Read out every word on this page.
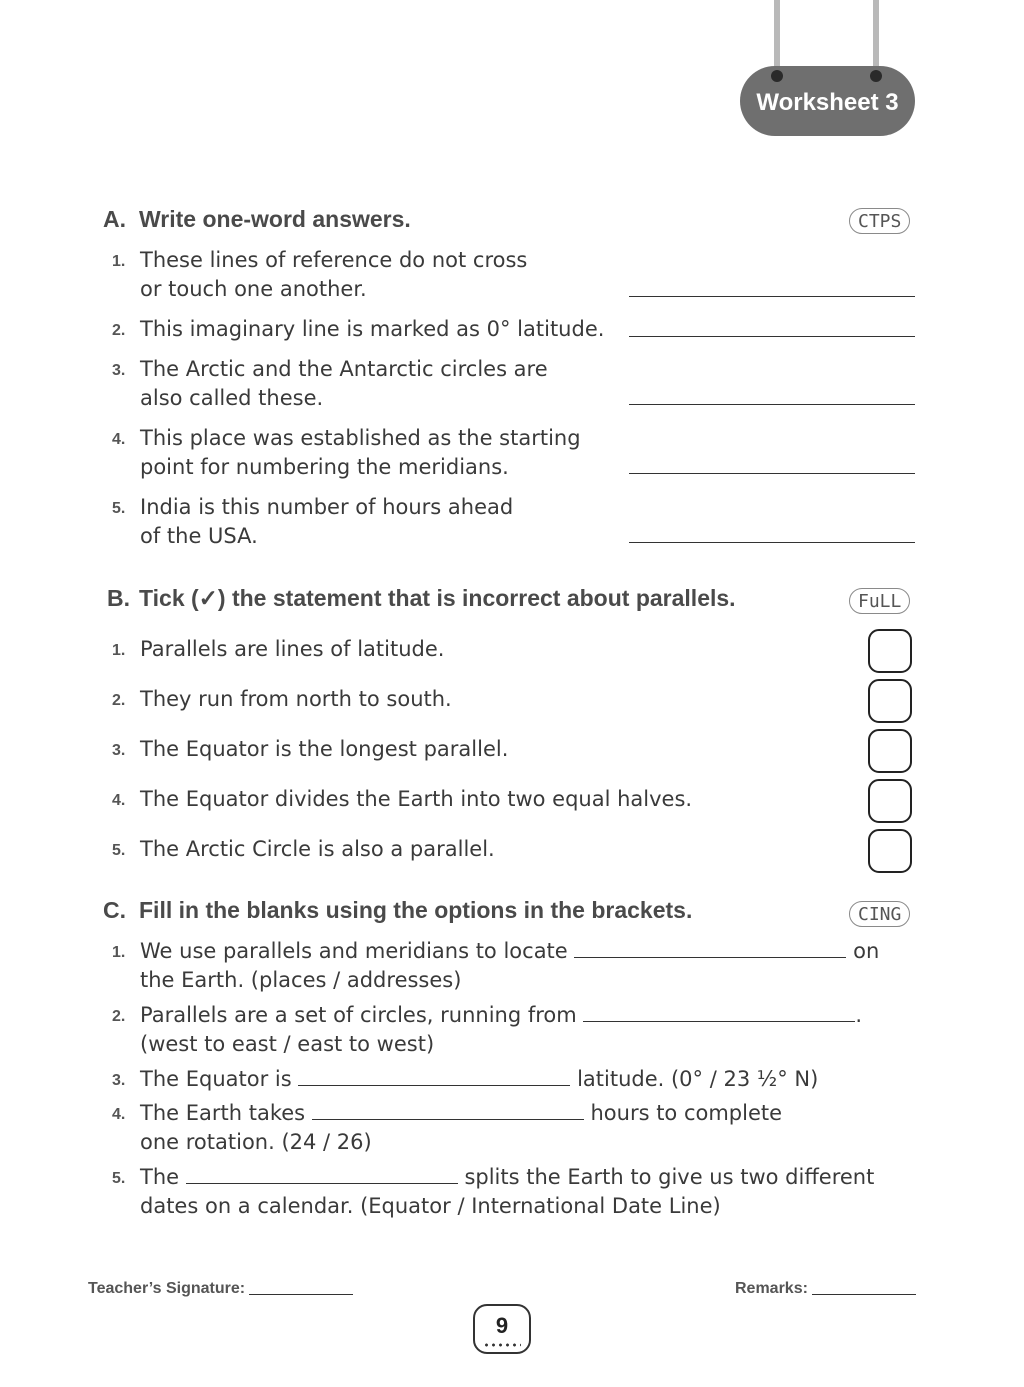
Worksheet 3
A. Write one-word answers.	CTPS
1. These lines of reference do not cross
or touch one another.
2. This imaginary line is marked as 0° latitude.
3. The Arctic and the Antarctic circles are
also called these.
4. This place was established as the starting
point for numbering the meridians.
5. India is this number of hours ahead
of the USA.
B. Tick (✓) the statement that is incorrect about parallels.	FuLL
1. Parallels are lines of latitude.
2. They run from north to south.
3. The Equator is the longest parallel.
4. The Equator divides the Earth into two equal halves.
5. The Arctic Circle is also a parallel.
C. Fill in the blanks using the options in the brackets.	CING
1. We use parallels and meridians to locate	on
the Earth. (places / addresses)
2. Parallels are a set of circles, running from	.
(west to east / east to west)
3. The Equator is	latitude. (0° / 23 ½° N)
4. The Earth takes	hours to complete
one rotation. (24 / 26)
5. The	splits the Earth to give us two different
dates on a calendar. (Equator / International Date Line)
Teacher’s Signature:	Remarks:
9
